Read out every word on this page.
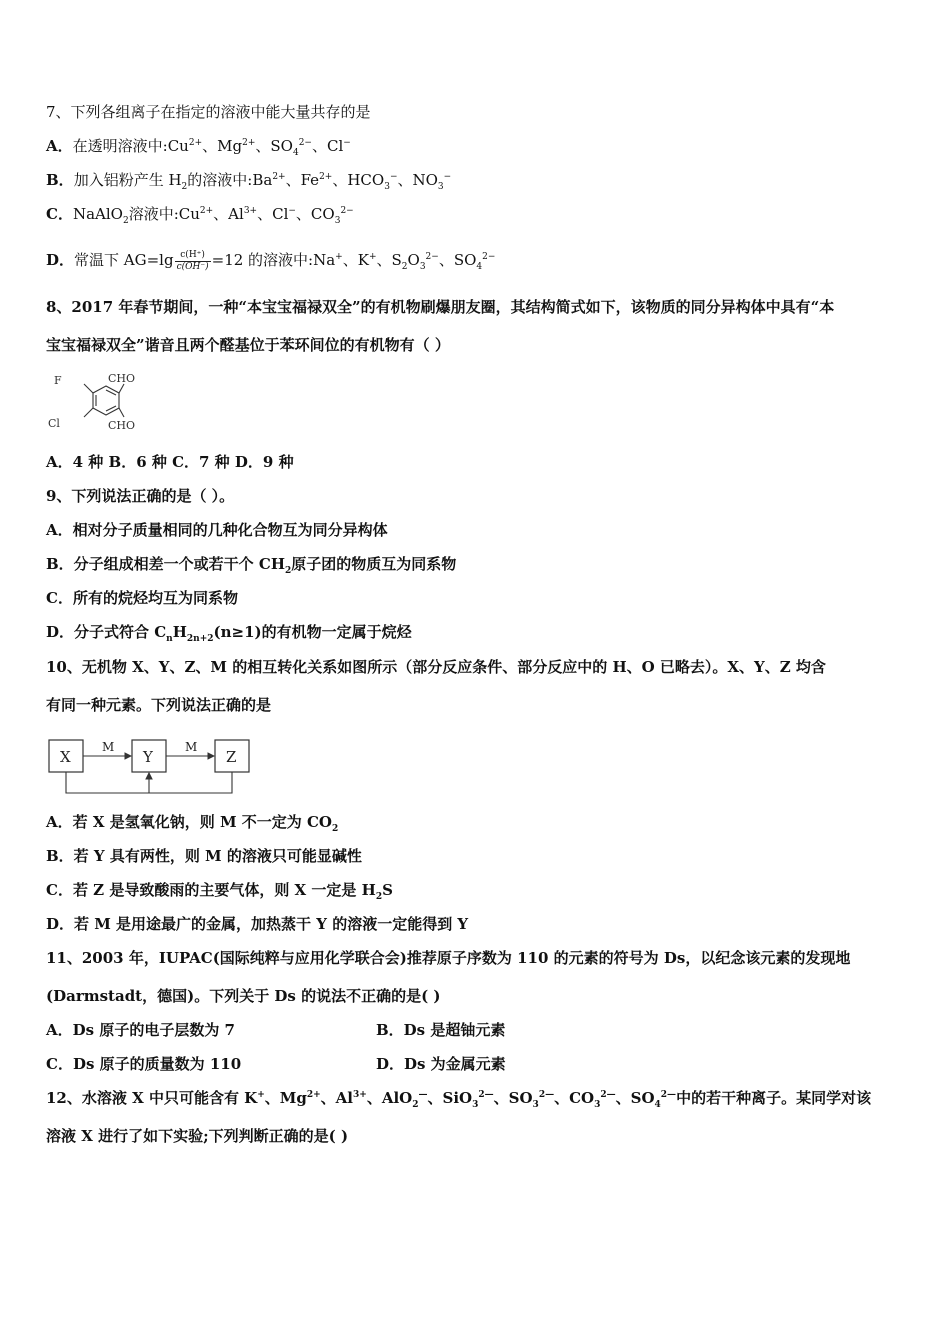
7、下列各组离子在指定的溶液中能大量共存的是
A．在透明溶液中$:Cu^{2+}$、$Mg^{2+}$、$SO_4^{2-}$、Cl−
B．加入铝粉产生 $H_2$的溶液中$:Ba^{2+}$、$Fe^{2+}$、$HCO_3^-$、$NO_3^-$
C．NaAlO$_2$溶液中$:Cu^{2+}$、$Al^{3+}$、Cl−、$CO_3^{2-}$
D．常温下 $AG=\lg \frac{c(H^+)}{c(OH^-)} =12$ 的溶液中:Na+、K+、$S_2O_3^{2-}$、$SO_4^{2-}$
8、2017 年春节期间，一种“本宝宝福禄双全”的有机物刷爆朋友圈，其结构简式如下，该物质的同分异构体中具有“本
宝宝福禄双全”谐音且两个醛基位于苯环间位的有机物有（ ）
F
Cl
CHO
CHO
A．4 种 B．6 种 C．7 种 D．9 种
9、下列说法正确的是（ ）。
A．相对分子质量相同的几种化合物互为同分异构体
B．分子组成相差一个或若干个 $CH_2$原子团的物质互为同系物
C．所有的烷烃均互为同系物
D．分子式符合 $C_nH_{2n+2}(n\ge 1)$的有机物一定属于烷烃
10、无机物 X、Y、Z、M 的相互转化关系如图所示（部分反应条件、部分反应中的 H、O 已略去）。X、Y、Z 均含
有同一种元素。下列说法正确的是
X	Y	Z
M	M
A．若 X 是氢氧化钠，则 M 不一定为 $CO_2$
B．若 Y 具有两性，则 M 的溶液只可能显碱性
C．若 Z 是导致酸雨的主要气体，则 X 一定是 $H_2S$
D．若 M 是用途最广的金属，加热蒸干 Y 的溶液一定能得到 Y
11、2003 年，IUPAC(国际纯粹与应用化学联合会)推荐原子序数为 110 的元素的符号为 Ds，以纪念该元素的发现地
(Darmstadt，德国)。下列关于 Ds 的说法不正确的是( )
A．Ds 原子的电子层数为 7	B．Ds 是超铀元素
C．Ds 原子的质量数为 110	D．Ds 为金属元素
12、水溶液 X 中只可能含有 K+、$Mg^{2+}$、$Al^{3+}$、AlO$_2$—、SiO$_3^{2—}$、$SO_3^{2—}$、$CO_3^{2—}$、$SO_4^{2—}$中的若干种离子。某同学对该
溶液 X 进行了如下实验;下列判断正确的是( )
